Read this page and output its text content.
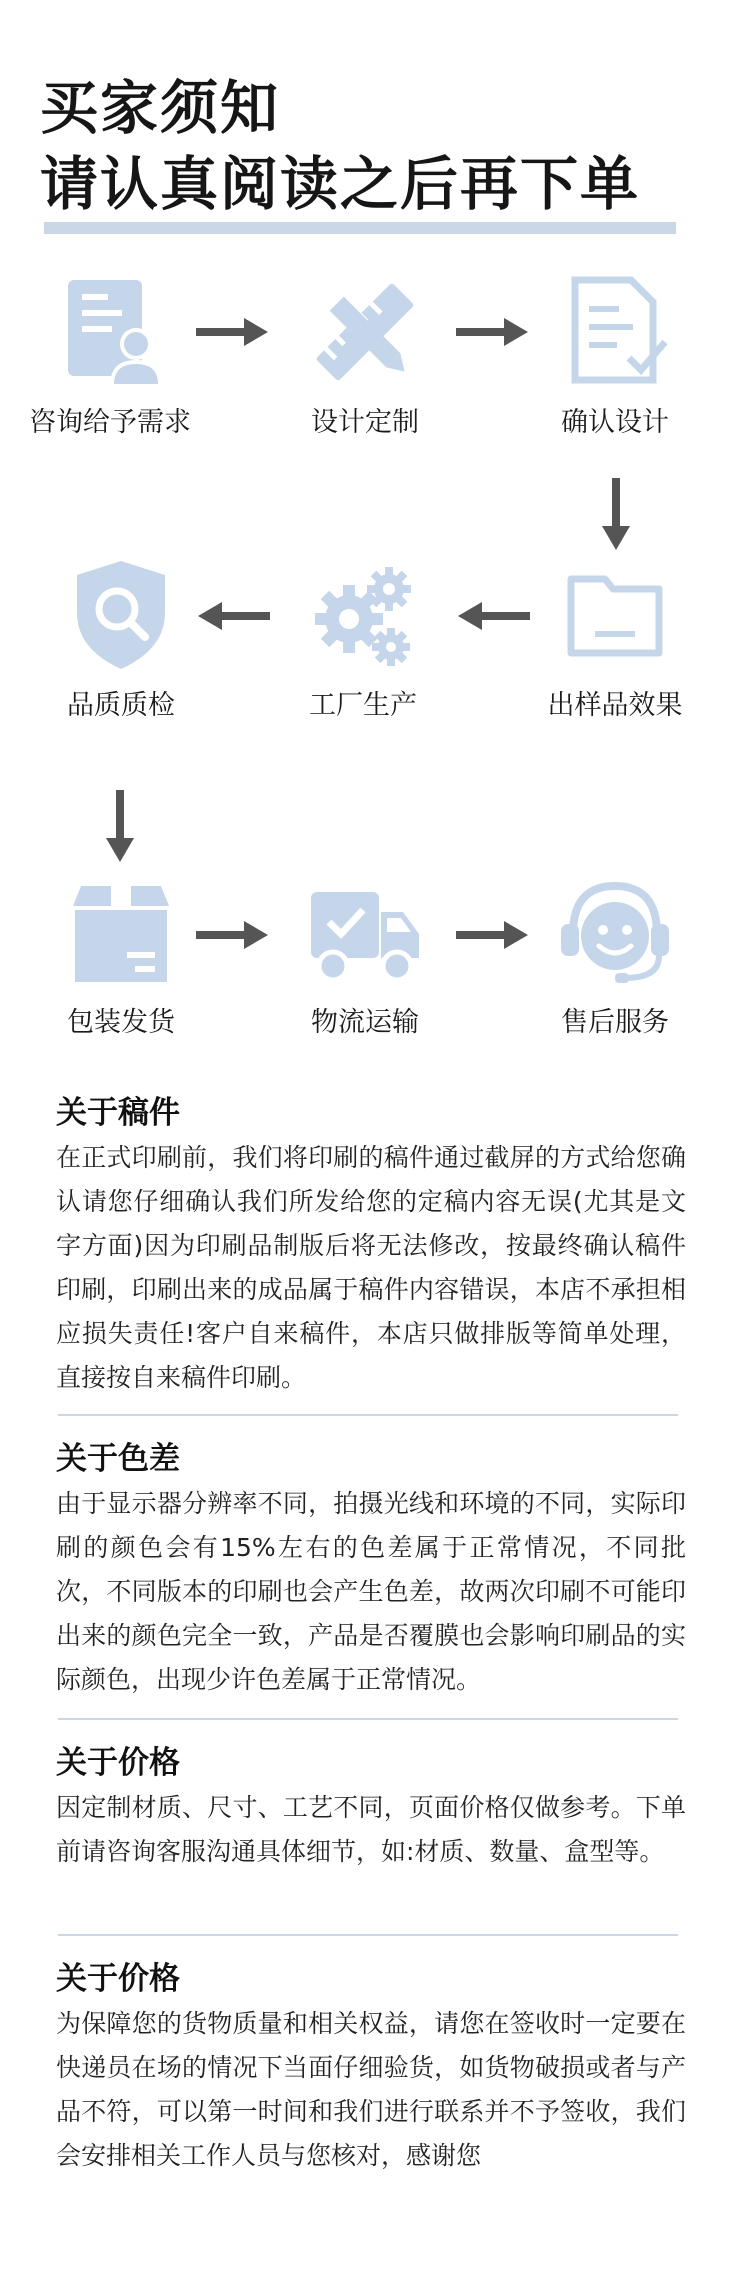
买家须知
请认真阅读之后再下单
咨询给予需求	设计定制	确认设计
出样品效果
工厂生产
品质质检
包装发货	物流运输	售后服务
关于稿件
在正式印刷前，我们将印刷的稿件通过截屏的方式给您确认请您仔细确认我们所发给您的定稿内容无误(尤其是文字方面)因为印刷品制版后将无法修改，按最终确认稿件印刷，印刷出来的成品属于稿件内容错误，本店不承担相应损失责任!客户自来稿件，本店只做排版等简单处理，直接按自来稿件印刷。
关于色差
由于显示器分辨率不同，拍摄光线和环境的不同，实际印刷的颜色会有15%左右的色差属于正常情况，不同批次，不同版本的印刷也会产生色差，故两次印刷不可能印出来的颜色完全一致，产品是否覆膜也会影响印刷品的实际颜色，出现少许色差属于正常情况。
关于价格
因定制材质、尺寸、工艺不同，页面价格仅做参考。下单前请咨询客服沟通具体细节，如:材质、数量、盒型等。
关于价格
为保障您的货物质量和相关权益，请您在签收时一定要在快递员在场的情况下当面仔细验货，如货物破损或者与产品不符，可以第一时间和我们进行联系并不予签收，我们会安排相关工作人员与您核对，感谢您
